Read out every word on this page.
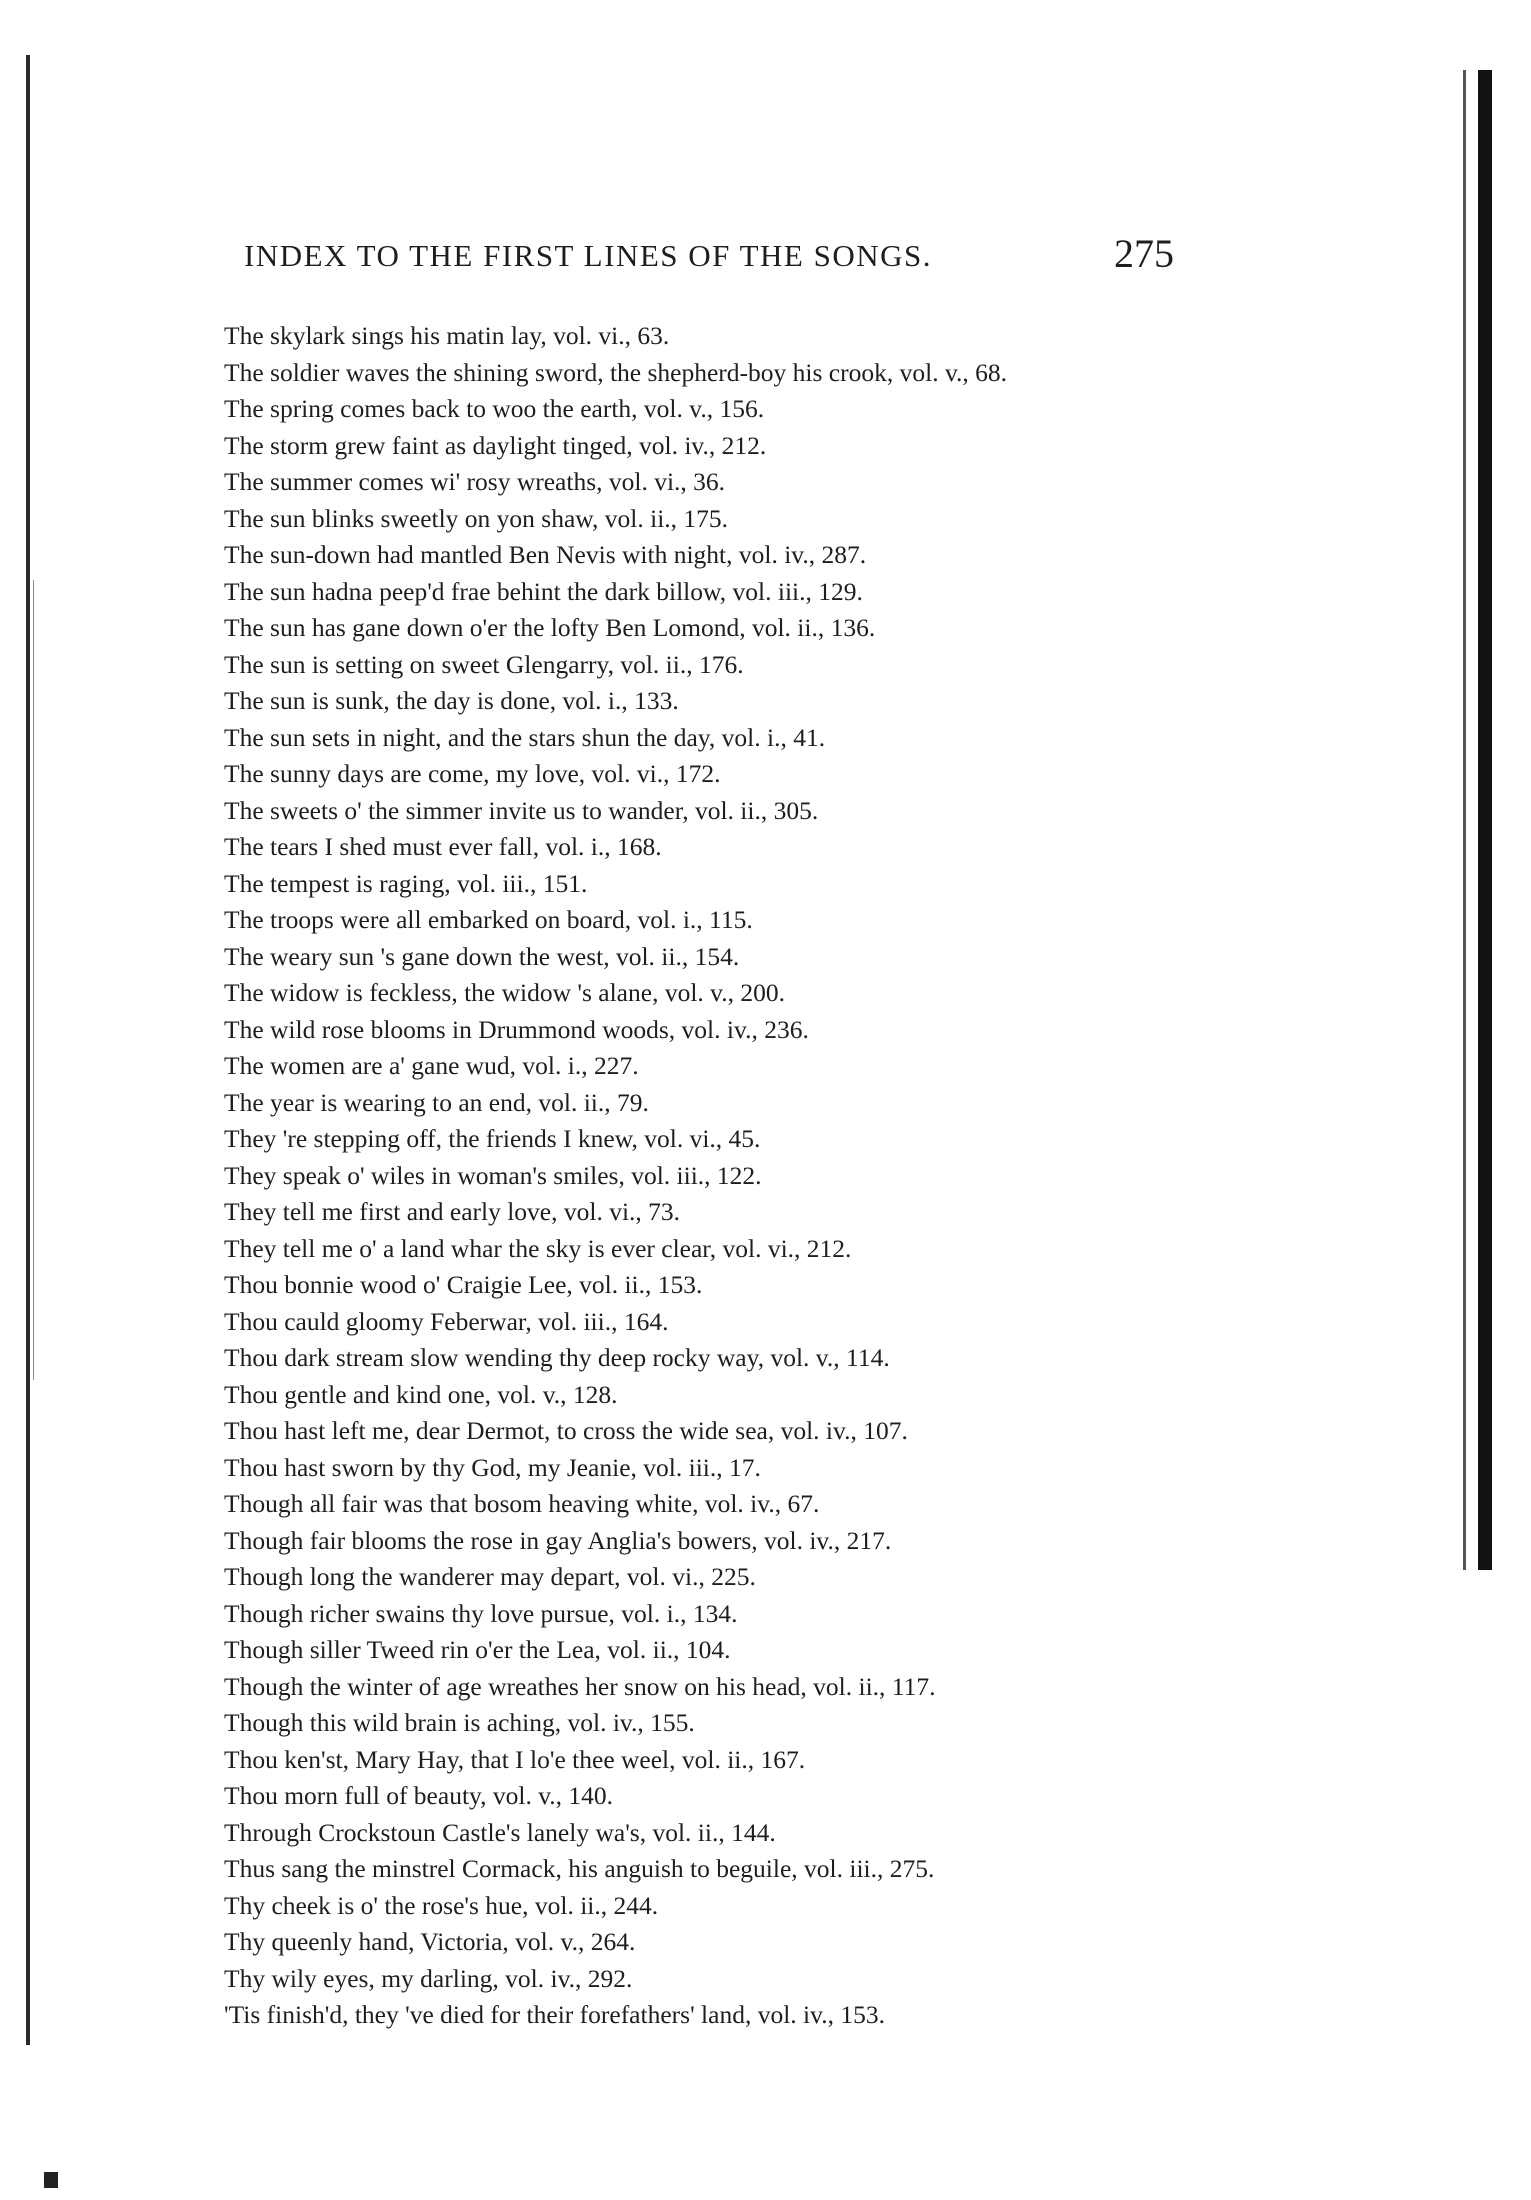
INDEX TO THE FIRST LINES OF THE SONGS.	275
The skylark sings his matin lay, vol. vi., 63.
The soldier waves the shining sword, the shepherd-boy his crook, vol. v., 68.
The spring comes back to woo the earth, vol. v., 156.
The storm grew faint as daylight tinged, vol. iv., 212.
The summer comes wi' rosy wreaths, vol. vi., 36.
The sun blinks sweetly on yon shaw, vol. ii., 175.
The sun-down had mantled Ben Nevis with night, vol. iv., 287.
The sun hadna peep'd frae behint the dark billow, vol. iii., 129.
The sun has gane down o'er the lofty Ben Lomond, vol. ii., 136.
The sun is setting on sweet Glengarry, vol. ii., 176.
The sun is sunk, the day is done, vol. i., 133.
The sun sets in night, and the stars shun the day, vol. i., 41.
The sunny days are come, my love, vol. vi., 172.
The sweets o' the simmer invite us to wander, vol. ii., 305.
The tears I shed must ever fall, vol. i., 168.
The tempest is raging, vol. iii., 151.
The troops were all embarked on board, vol. i., 115.
The weary sun 's gane down the west, vol. ii., 154.
The widow is feckless, the widow 's alane, vol. v., 200.
The wild rose blooms in Drummond woods, vol. iv., 236.
The women are a' gane wud, vol. i., 227.
The year is wearing to an end, vol. ii., 79.
They 're stepping off, the friends I knew, vol. vi., 45.
They speak o' wiles in woman's smiles, vol. iii., 122.
They tell me first and early love, vol. vi., 73.
They tell me o' a land whar the sky is ever clear, vol. vi., 212.
Thou bonnie wood o' Craigie Lee, vol. ii., 153.
Thou cauld gloomy Feberwar, vol. iii., 164.
Thou dark stream slow wending thy deep rocky way, vol. v., 114.
Thou gentle and kind one, vol. v., 128.
Thou hast left me, dear Dermot, to cross the wide sea, vol. iv., 107.
Thou hast sworn by thy God, my Jeanie, vol. iii., 17.
Though all fair was that bosom heaving white, vol. iv., 67.
Though fair blooms the rose in gay Anglia's bowers, vol. iv., 217.
Though long the wanderer may depart, vol. vi., 225.
Though richer swains thy love pursue, vol. i., 134.
Though siller Tweed rin o'er the Lea, vol. ii., 104.
Though the winter of age wreathes her snow on his head, vol. ii., 117.
Though this wild brain is aching, vol. iv., 155.
Thou ken'st, Mary Hay, that I lo'e thee weel, vol. ii., 167.
Thou morn full of beauty, vol. v., 140.
Through Crockstoun Castle's lanely wa's, vol. ii., 144.
Thus sang the minstrel Cormack, his anguish to beguile, vol. iii., 275.
Thy cheek is o' the rose's hue, vol. ii., 244.
Thy queenly hand, Victoria, vol. v., 264.
Thy wily eyes, my darling, vol. iv., 292.
'Tis finish'd, they 've died for their forefathers' land, vol. iv., 153.
